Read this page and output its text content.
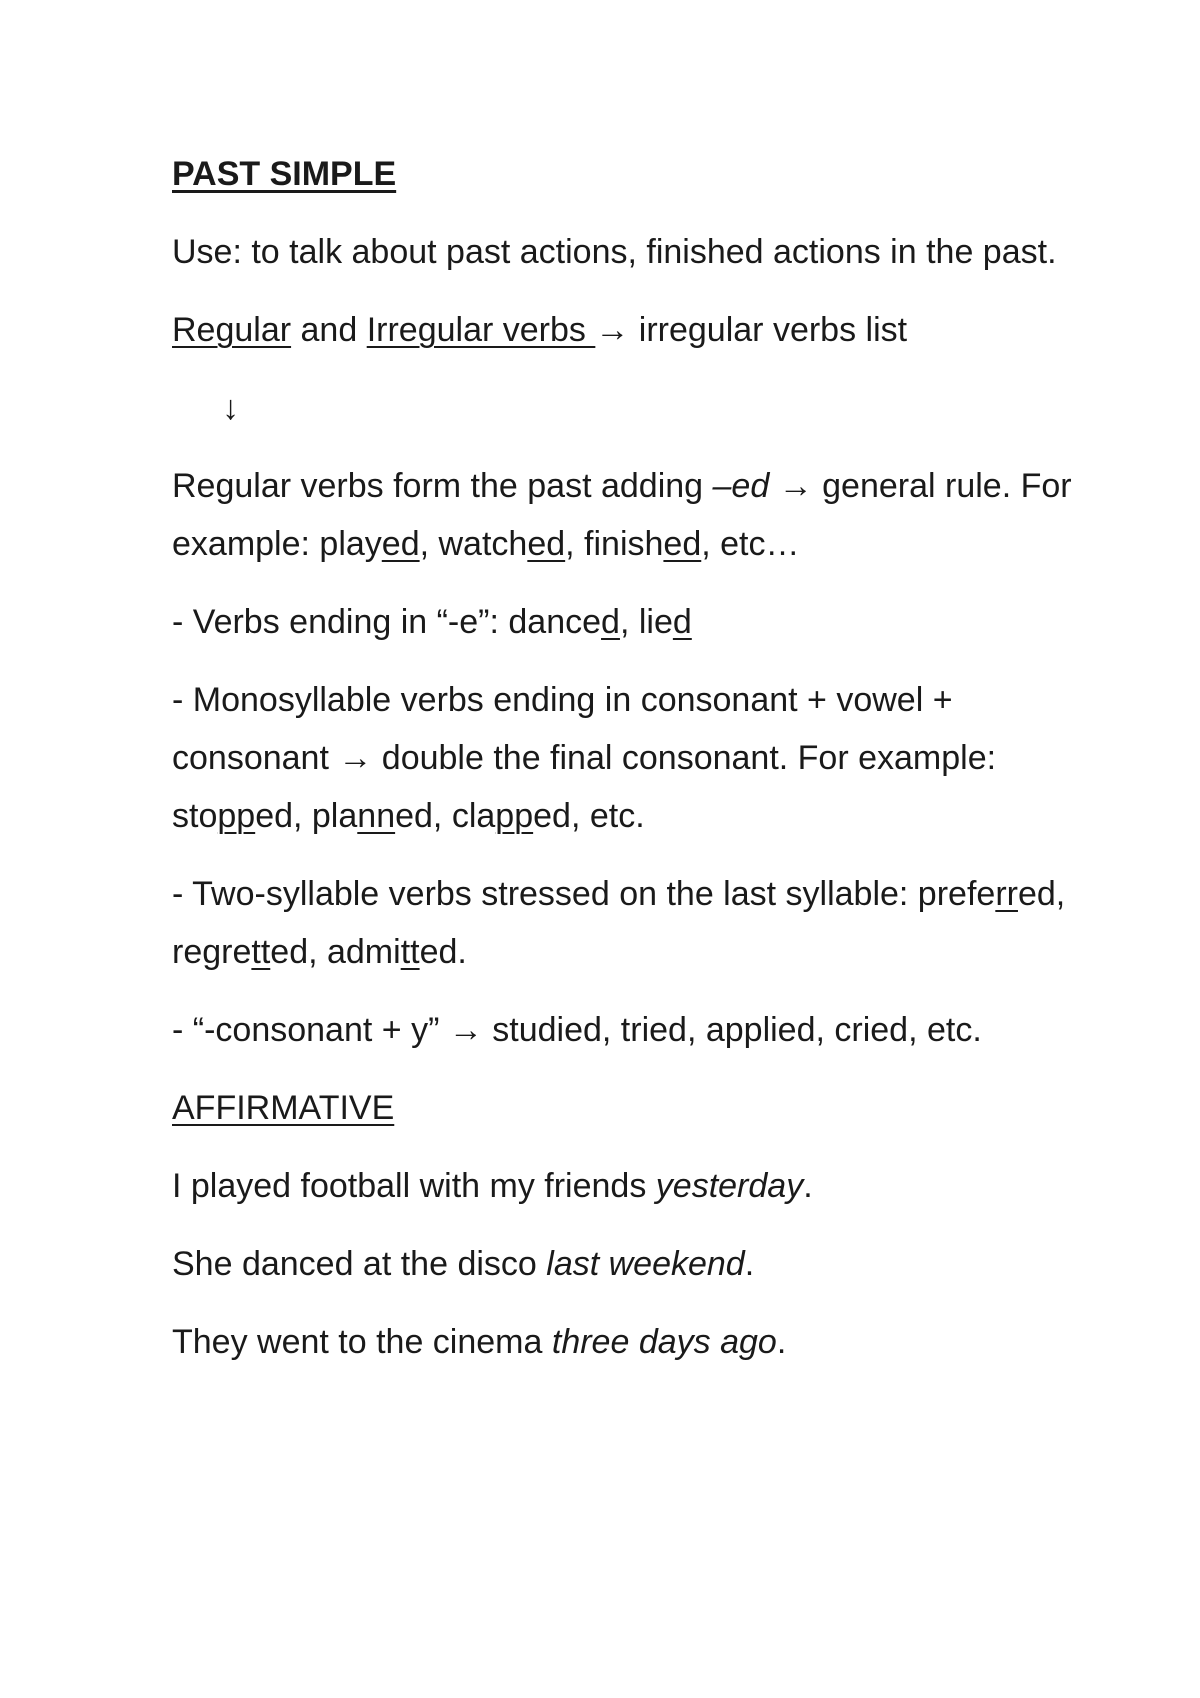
PAST SIMPLE

Use: to talk about past actions, finished actions in the past.

Regular and Irregular verbs → irregular verbs list

↓

Regular verbs form the past adding –ed → general rule. For example: played, watched, finished, etc…

- Verbs ending in “-e”: danced, lied

- Monosyllable verbs ending in consonant + vowel + consonant → double the final consonant. For example: stopped, planned, clapped, etc.

- Two-syllable verbs stressed on the last syllable: preferred, regretted, admitted.

- “-consonant + y” → studied, tried, applied, cried, etc.

AFFIRMATIVE

I played football with my friends yesterday.

She danced at the disco last weekend.

They went to the cinema three days ago.
